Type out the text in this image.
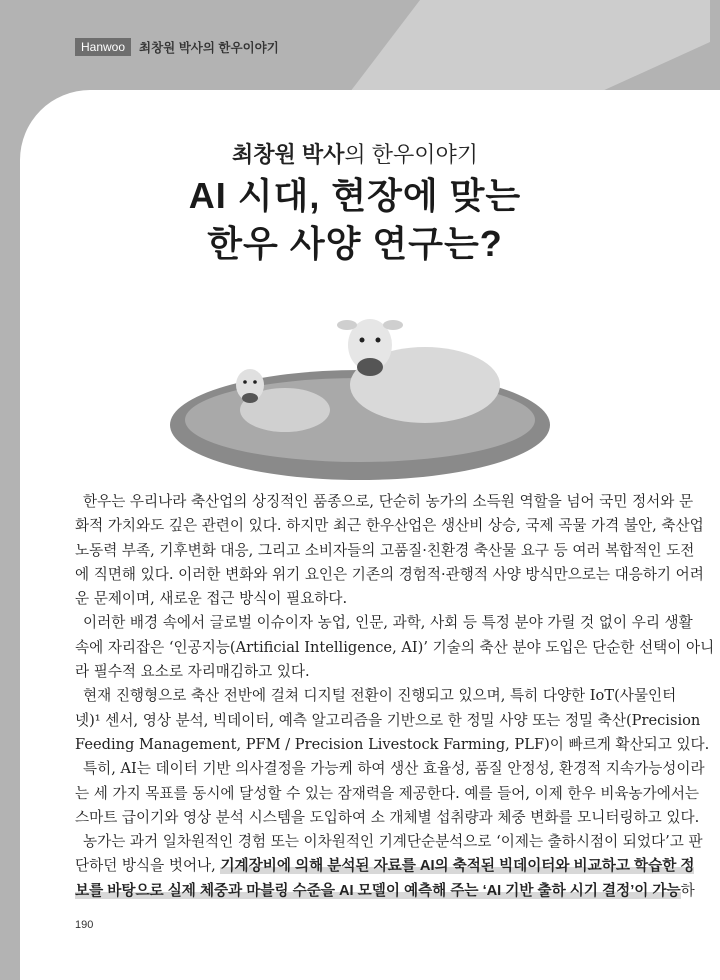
Hanwoo	최창원 박사의 한우이야기
최창원 박사의 한우이야기
AI 시대, 현장에 맞는
한우 사양 연구는?
한우는 우리나라 축산업의 상징적인 품종으로, 단순히 농가의 소득원 역할을 넘어 국민 정서와 문
화적 가치와도 깊은 관련이 있다. 하지만 최근 한우산업은 생산비 상승, 국제 곡물 가격 불안, 축산업
노동력 부족, 기후변화 대응, 그리고 소비자들의 고품질·친환경 축산물 요구 등 여러 복합적인 도전
에 직면해 있다. 이러한 변화와 위기 요인은 기존의 경험적·관행적 사양 방식만으로는 대응하기 어려
운 문제이며, 새로운 접근 방식이 필요하다.
이러한 배경 속에서 글로벌 이슈이자 농업, 인문, 과학, 사회 등 특정 분야 가릴 것 없이 우리 생활
속에 자리잡은 ‘인공지능(Artificial Intelligence, AI)’ 기술의 축산 분야 도입은 단순한 선택이 아니
라 필수적 요소로 자리매김하고 있다.
현재 진행형으로 축산 전반에 걸쳐 디지털 전환이 진행되고 있으며, 특히 다양한 IoT(사물인터
넷)¹ 센서, 영상 분석, 빅데이터, 예측 알고리즘을 기반으로 한 정밀 사양 또는 정밀 축산(Precision
Feeding Management, PFM / Precision Livestock Farming, PLF)이 빠르게 확산되고 있다.
특히, AI는 데이터 기반 의사결정을 가능케 하여 생산 효율성, 품질 안정성, 환경적 지속가능성이라
는 세 가지 목표를 동시에 달성할 수 있는 잠재력을 제공한다. 예를 들어, 이제 한우 비육농가에서는
스마트 급이기와 영상 분석 시스템을 도입하여 소 개체별 섭취량과 체중 변화를 모니터링하고 있다.
농가는 과거 일차원적인 경험 또는 이차원적인 기계단순분석으로 ‘이제는 출하시점이 되었다’고 판
단하던 방식을 벗어나, 기계장비에 의해 분석된 자료를 AI의 축적된 빅데이터와 비교하고 학습한 정
보를 바탕으로 실제 체중과 마블링 수준을 AI 모델이 예측해 주는 ‘AI 기반 출하 시기 결정’이 가능하
190
